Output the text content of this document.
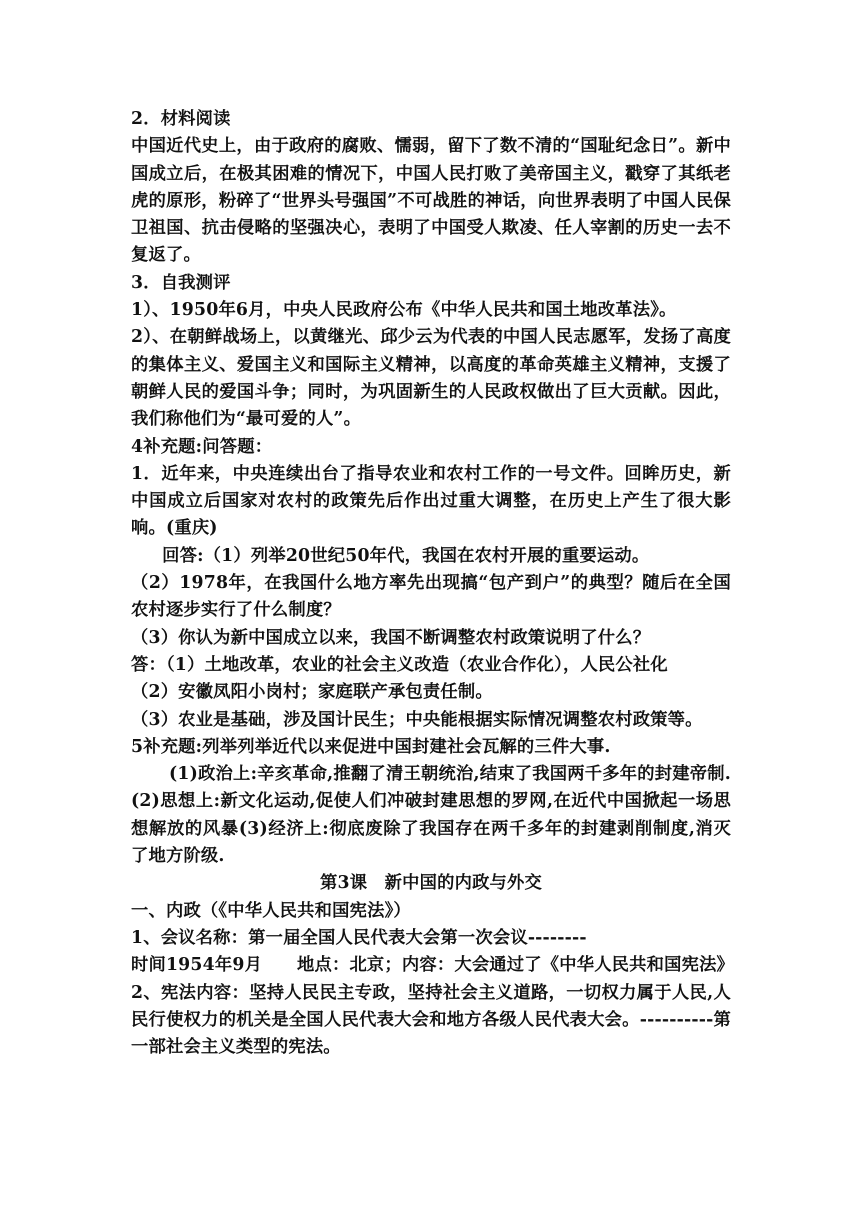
2．材料阅读

中国近代史上，由于政府的腐败、懦弱，留下了数不清的“国耻纪念日”。新中国成立后，在极其困难的情况下，中国人民打败了美帝国主义，戳穿了其纸老虎的原形，粉碎了“世界头号强国”不可战胜的神话，向世界表明了中国人民保卫祖国、抗击侵略的坚强决心，表明了中国受人欺凌、任人宰割的历史一去不复返了。

3．自我测评

1）、1950年6月，中央人民政府公布《中华人民共和国土地改革法》。

2）、在朝鲜战场上，以黄继光、邱少云为代表的中国人民志愿军，发扬了高度的集体主义、爱国主义和国际主义精神，以高度的革命英雄主义精神，支援了朝鲜人民的爱国斗争；同时，为巩固新生的人民政权做出了巨大贡献。因此，我们称他们为“最可爱的人”。

4补充题:问答题：

1．近年来，中央连续出台了指导农业和农村工作的一号文件。回眸历史，新中国成立后国家对农村的政策先后作出过重大调整，在历史上产生了很大影响。(重庆)

回答:（1）列举20世纪50年代，我国在农村开展的重要运动。

（2）1978年，在我国什么地方率先出现搞“包产到户”的典型？随后在全国农村逐步实行了什么制度？

（3）你认为新中国成立以来，我国不断调整农村政策说明了什么？

答：（1）土地改革，农业的社会主义改造（农业合作化），人民公社化

（2）安徽凤阳小岗村；家庭联产承包责任制。

（3）农业是基础，涉及国计民生；中央能根据实际情况调整农村政策等。

5补充题:列举列举近代以来促进中国封建社会瓦解的三件大事.

(1)政治上:辛亥革命,推翻了清王朝统治,结束了我国两千多年的封建帝制.(2)思想上:新文化运动,促使人们冲破封建思想的罗网,在近代中国掀起一场思想解放的风暴(3)经济上:彻底废除了我国存在两千多年的封建剥削制度,消灭了地方阶级.

第3课　新中国的内政与外交

一、内政（《中华人民共和国宪法》）

1、会议名称：第一届全国人民代表大会第一次会议--------

时间1954年9月　　地点：北京；内容：大会通过了《中华人民共和国宪法》

2、宪法内容：坚持人民民主专政，坚持社会主义道路，一切权力属于人民,人民行使权力的机关是全国人民代表大会和地方各级人民代表大会。----------第一部社会主义类型的宪法。
